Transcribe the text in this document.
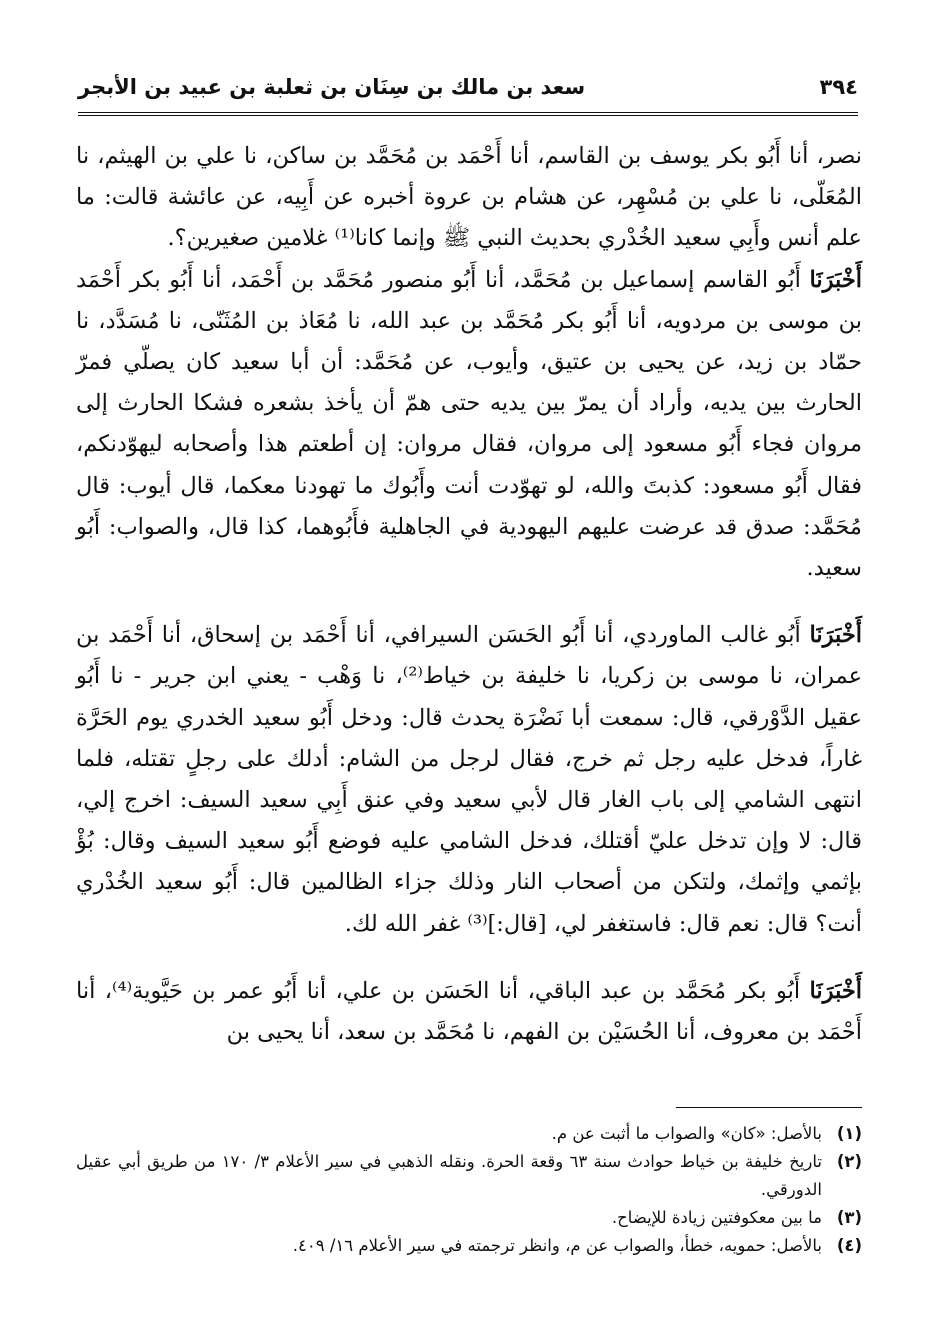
٣٩٤
سعد بن مالك بن سِنَان بن ثعلبة بن عبيد بن الأبجر

نصر، أنا أَبُو بكر يوسف بن القاسم، أنا أَحْمَد بن مُحَمَّد بن ساكن، نا علي بن الهيثم، نا المُعَلّى، نا علي بن مُسْهِر، عن هشام بن عروة أخبره عن أَبِيه، عن عائشة قالت: ما علم أنس وأَبِي سعيد الخُدْري بحديث النبي ﷺ وإنما كانا⁽¹⁾ غلامين صغيرين؟.

أَخْبَرَنَا أَبُو القاسم إسماعيل بن مُحَمَّد، أنا أَبُو منصور مُحَمَّد بن أَحْمَد، أنا أَبُو بكر أَحْمَد بن موسى بن مردويه، أنا أَبُو بكر مُحَمَّد بن عبد الله، نا مُعَاذ بن المُثَنّى، نا مُسَدَّد، نا حمّاد بن زيد، عن يحيى بن عتيق، وأيوب، عن مُحَمَّد: أن أبا سعيد كان يصلّي فمرّ الحارث بين يديه، وأراد أن يمرّ بين يديه حتى همّ أن يأخذ بشعره فشكا الحارث إلى مروان فجاء أَبُو مسعود إلى مروان، فقال مروان: إن أطعتم هذا وأصحابه ليهوّدنكم، فقال أَبُو مسعود: كذبتَ والله، لو تهوّدت أنت وأَبُوك ما تهودنا معكما، قال أيوب: قال مُحَمَّد: صدق قد عرضت عليهم اليهودية في الجاهلية فأَبُوهما، كذا قال، والصواب: أَبُو سعيد.

أَخْبَرَنَا أَبُو غالب الماوردي، أنا أَبُو الحَسَن السيرافي، أنا أَحْمَد بن إسحاق، أنا أَحْمَد بن عمران، نا موسى بن زكريا، نا خليفة بن خياط⁽²⁾، نا وَهْب - يعني ابن جرير - نا أَبُو عقيل الدَّوْرقي، قال: سمعت أبا نَضْرَة يحدث قال: ودخل أَبُو سعيد الخدري يوم الحَرَّة غاراً، فدخل عليه رجل ثم خرج، فقال لرجل من الشام: أدلك على رجلٍ تقتله، فلما انتهى الشامي إلى باب الغار قال لأبي سعيد وفي عنق أَبِي سعيد السيف: اخرج إلي، قال: لا وإن تدخل عليّ أقتلك، فدخل الشامي عليه فوضع أَبُو سعيد السيف وقال: بُؤْ بإثمي وإثمك، ولتكن من أصحاب النار وذلك جزاء الظالمين قال: أَبُو سعيد الخُدْري أنت؟ قال: نعم قال: فاستغفر لي، [قال:]⁽³⁾ غفر الله لك.

أَخْبَرَنَا أَبُو بكر مُحَمَّد بن عبد الباقي، أنا الحَسَن بن علي، أنا أَبُو عمر بن حَيَّوية⁽⁴⁾، أنا أَحْمَد بن معروف، أنا الحُسَيْن بن الفهم، نا مُحَمَّد بن سعد، أنا يحيى بن

(١)
بالأصل: «كان» والصواب ما أثبت عن م.
(٢)
تاريخ خليفة بن خياط حوادث سنة ٦٣ وقعة الحرة. ونقله الذهبي في سير الأعلام ٣/ ١٧٠ من طريق أبي عقيل الدورقي.
(٣)
ما بين معكوفتين زيادة للإيضاح.
(٤)
بالأصل: حمويه، خطأ، والصواب عن م، وانظر ترجمته في سير الأعلام ١٦/ ٤٠٩.
